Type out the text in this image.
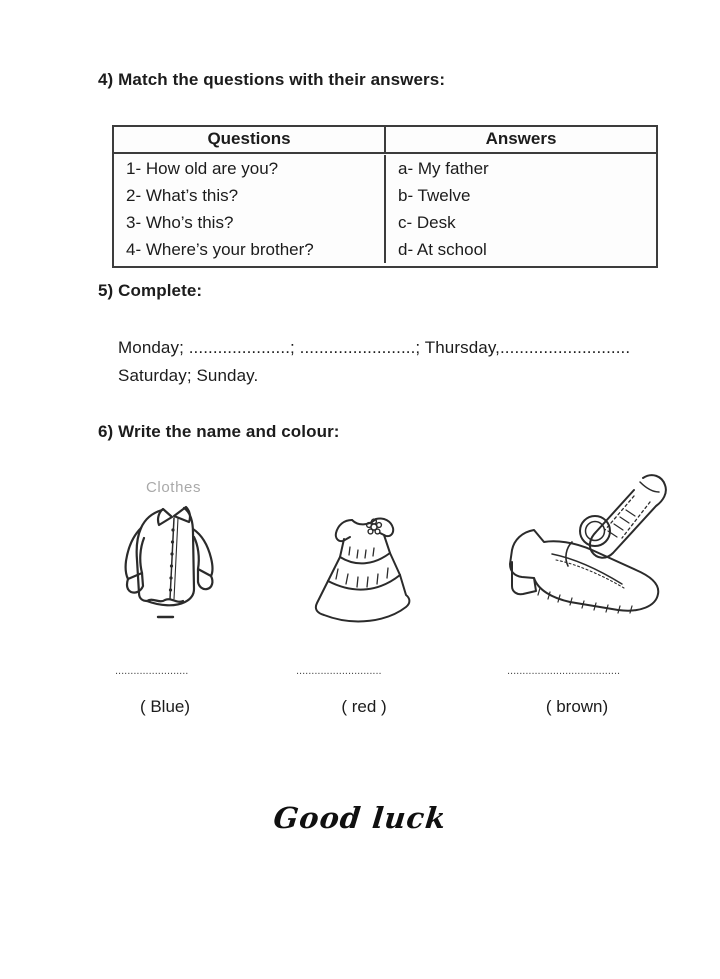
4) Match the questions with their answers:
Questions	Answers
1- How old are you?	a- My father
2- What’s this?	b- Twelve
3- Who’s this?	c- Desk
4- Where’s your brother?	d- At school
5) Complete:
Monday; .....................; ........................; Thursday,...........................
Saturday; Sunday.
6) Write the name and colour:
Clothes
........................	............................	.....................................
( Blue)	( red )	( brown)
Good luck
